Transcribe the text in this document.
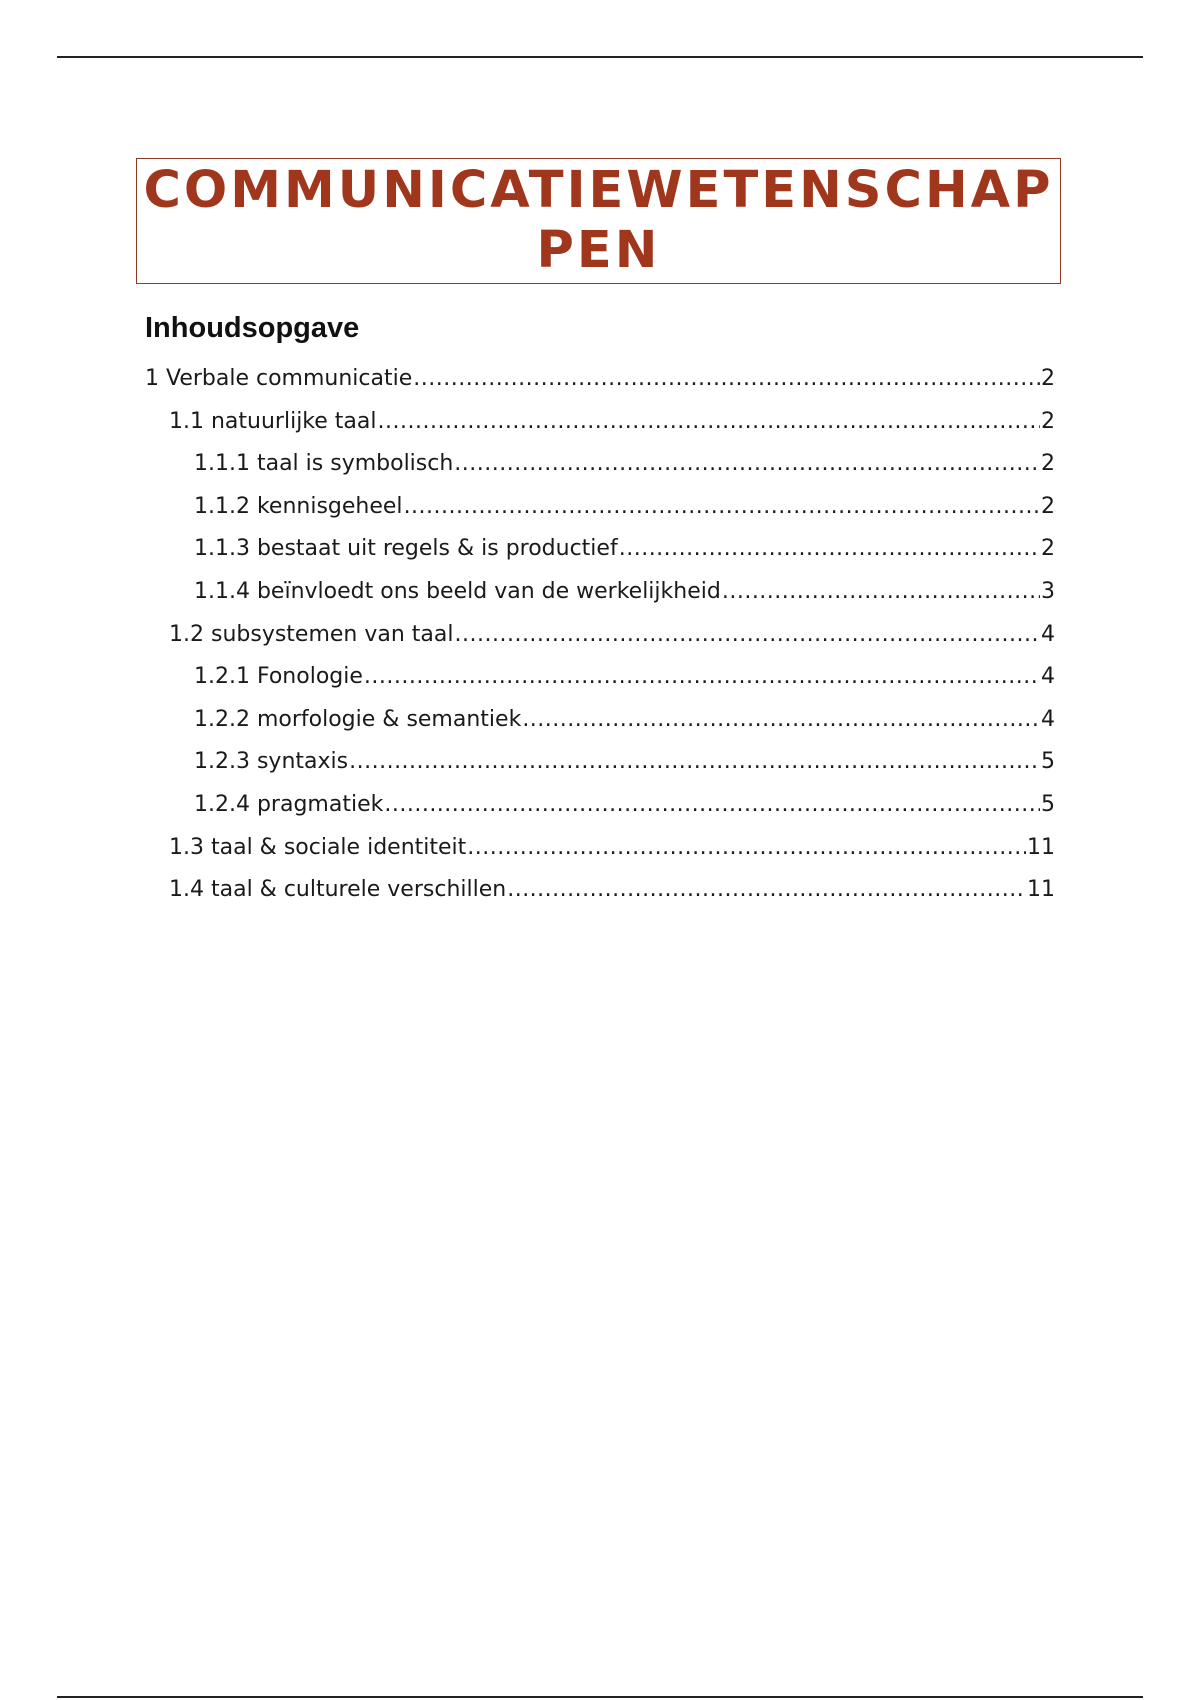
COMMUNICATIEWETENSCHAP
PEN
Inhoudsopgave
1 Verbale communicatie .....	2
1.1 natuurlijke taal .....	2
1.1.1 taal is symbolisch .....	2
1.1.2 kennisgeheel .....	2
1.1.3 bestaat uit regels & is productief .....	2
1.1.4 beïnvloedt ons beeld van de werkelijkheid .....	3
1.2 subsystemen van taal .....	4
1.2.1 Fonologie .....	4
1.2.2 morfologie & semantiek .....	4
1.2.3 syntaxis .....	5
1.2.4 pragmatiek .....	5
1.3 taal & sociale identiteit .....	11
1.4 taal & culturele verschillen .....	11
